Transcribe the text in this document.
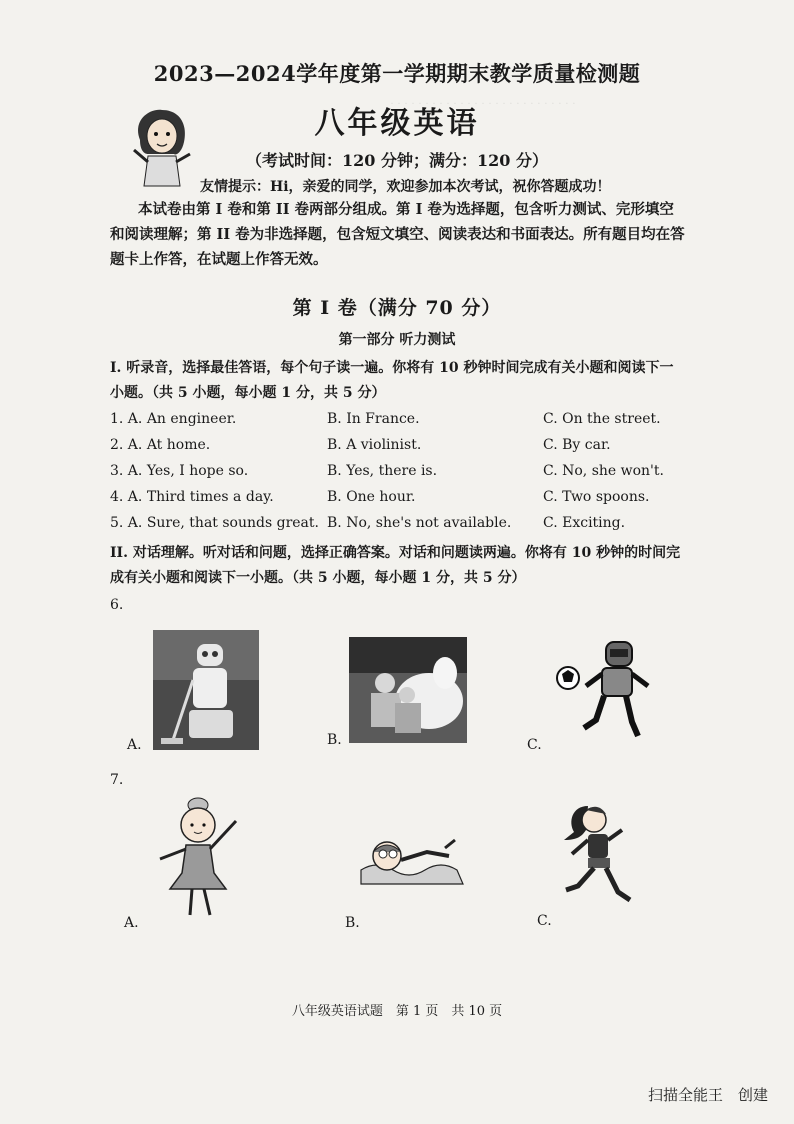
· · · · · · · · · · · · · · · · · · · · · · · · · · ·
2023—2024学年度第一学期期末教学质量检测题
八年级英语
（考试时间：120 分钟；满分：120 分）
友情提示：Hi，亲爱的同学，欢迎参加本次考试，祝你答题成功！
本试卷由第 I 卷和第 II 卷两部分组成。第 I 卷为选择题，包含听力测试、完形填空
和阅读理解；第 II 卷为非选择题，包含短文填空、阅读表达和书面表达。所有题目均在答
题卡上作答，在试题上作答无效。
第 I 卷（满分 70 分）
第一部分 听力测试
I. 听录音，选择最佳答语，每个句子读一遍。你将有 10 秒钟时间完成有关小题和阅读下一
小题。（共 5 小题，每小题 1 分，共 5 分）
1. A. An engineer.	B. In France.	C. On the street.
2. A. At home.	B. A violinist.	C. By car.
3. A. Yes, I hope so.	B. Yes, there is.	C. No, she won't.
4. A. Third times a day.	B. One hour.	C. Two spoons.
5. A. Sure, that sounds great. B. No, she's not available. C. Exciting.
II. 对话理解。听对话和问题，选择正确答案。对话和问题读两遍。你将有 10 秒钟的时间完
成有关小题和阅读下一小题。（共 5 小题，每小题 1 分，共 5 分）
6.
A.	B.	C.
7.
A.	B.	C.
八年级英语试题　第 1 页　共 10 页
扫描全能王　创建
